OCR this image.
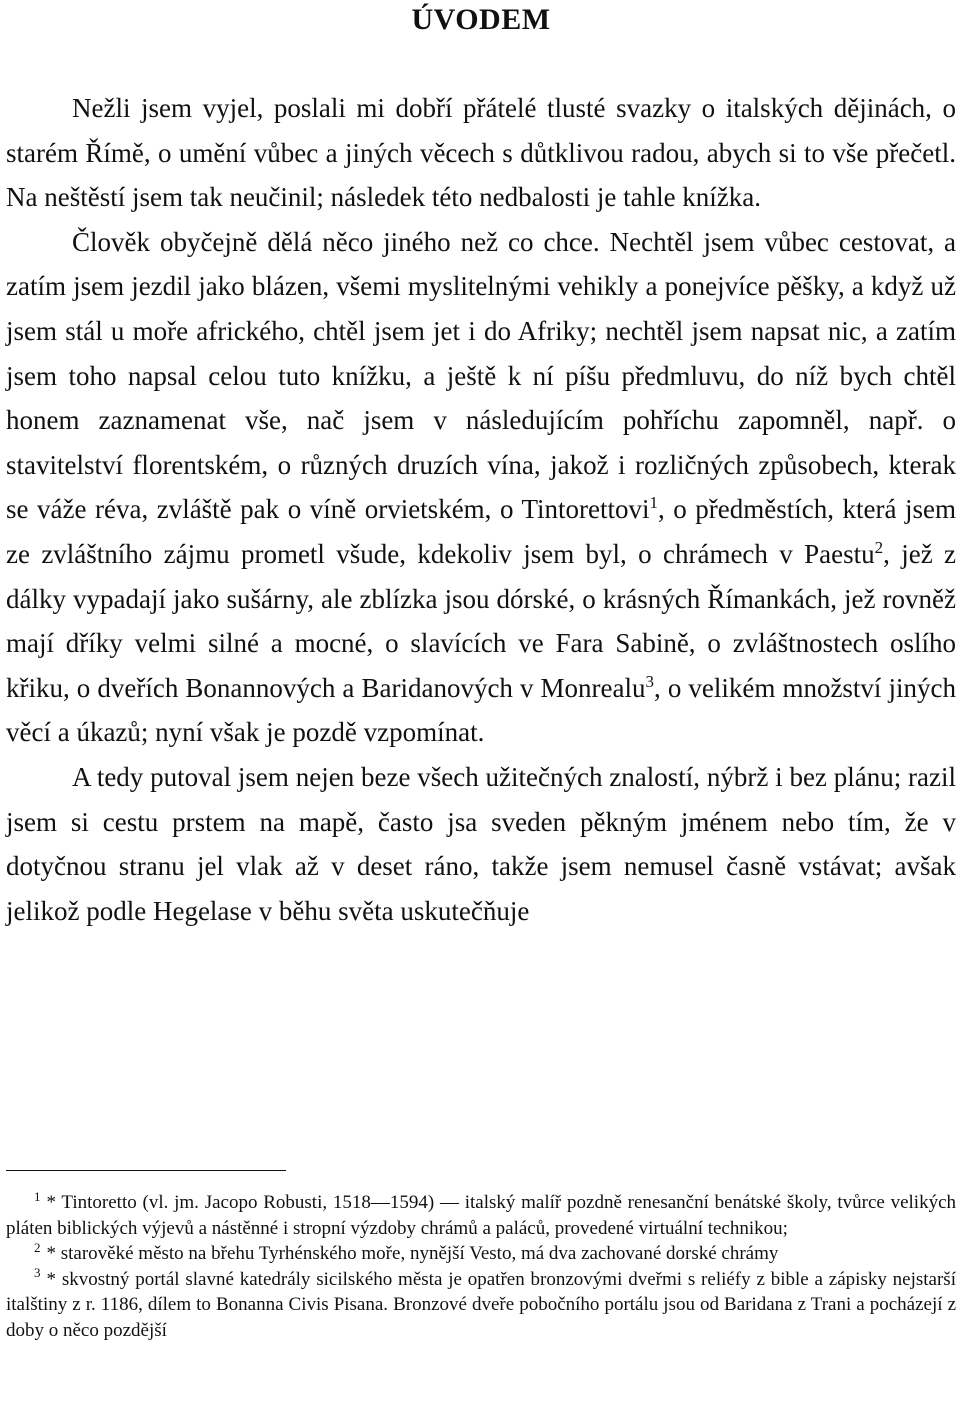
ÚVODEM

Nežli jsem vyjel, poslali mi dobří přátelé tlusté svazky o italských dějinách, o starém Římě, o umění vůbec a jiných věcech s důtklivou radou, abych si to vše přečetl. Na neštěstí jsem tak neučinil; následek této nedbalosti je tahle knížka.

Člověk obyčejně dělá něco jiného než co chce. Nechtěl jsem vůbec cestovat, a zatím jsem jezdil jako blázen, všemi myslitelnými vehikly a ponejvíce pěšky, a když už jsem stál u moře afrického, chtěl jsem jet i do Afriky; nechtěl jsem napsat nic, a zatím jsem toho napsal celou tuto knížku, a ještě k ní píšu předmluvu, do níž bych chtěl honem zaznamenat vše, nač jsem v následujícím pohříchu zapomněl, např. o stavitelství florentském, o různých druzích vína, jakož i rozličných způsobech, kterak se váže réva, zvláště pak o víně orvietském, o Tintorettovi$^1$, o předměstích, která jsem ze zvláštního zájmu prometl všude, kdekoliv jsem byl, o chrámech v Paestu$^2$, jež z dálky vypadají jako sušárny, ale zblízka jsou dórské, o krásných Římankách, jež rovněž mají dříky velmi silné a mocné, o slavících ve Fara Sabině, o zvláštnostech oslího křiku, o dveřích Bonannových a Baridanových v Monrealu$^3$, o velikém množství jiných věcí a úkazů; nyní však je pozdě vzpomínat.

A tedy putoval jsem nejen beze všech užitečných znalostí, nýbrž i bez plánu; razil jsem si cestu prstem na mapě, často jsa sveden pěkným jménem nebo tím, že v dotyčnou stranu jel vlak až v deset ráno, takže jsem nemusel časně vstávat; avšak jelikož podle Hegelase v běhu světa uskutečňuje

$^1$ * Tintoretto (vl. jm. Jacopo Robusti, 1518—1594) — italský malíř pozdně renesanční benátské školy, tvůrce velikých pláten biblických výjevů a nástěnné i stropní výzdoby chrámů a paláců, provedené virtuální technikou;

$^2$ * starověké město na břehu Tyrhénského moře, nynější Vesto, má dva zachované dorské chrámy

$^3$ * skvostný portál slavné katedrály sicilského města je opatřen bronzovými dveřmi s reliéfy z bible a zápisky nejstarší italštiny z r. 1186, dílem to Bonanna Civis Pisana. Bronzové dveře pobočního portálu jsou od Baridana z Trani a pocházejí z doby o něco pozdější
